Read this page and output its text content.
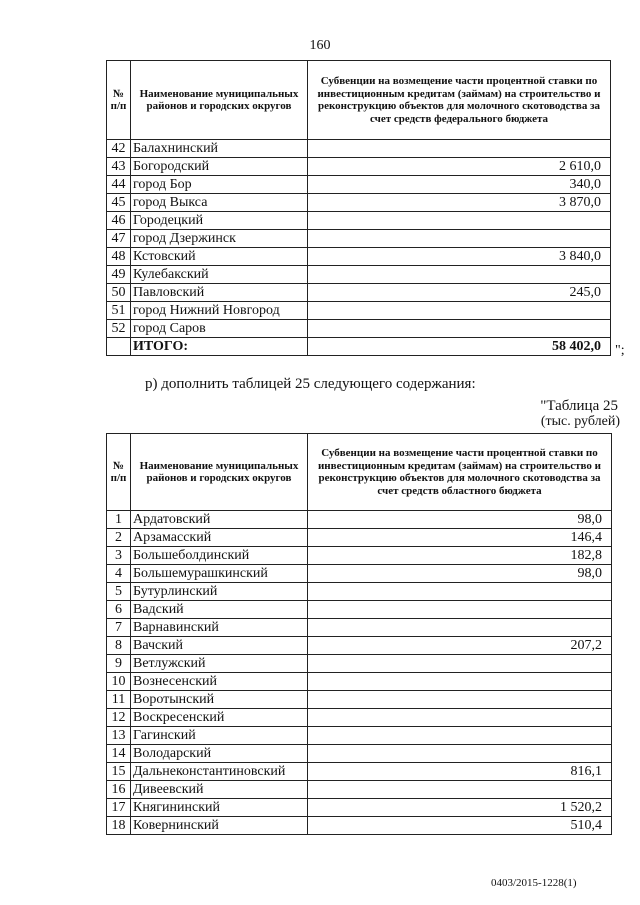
160
№ п/п	Наименование муниципальных районов и городских округов	Субвенции на возмещение части процентной ставки по инвестиционным кредитам (займам) на строительство и реконструкцию объектов для молочного скотоводства за счет средств федерального бюджета
42	Балахнинский	
43	Богородский	2 610,0
44	город Бор	340,0
45	город Выкса	3 870,0
46	Городецкий	
47	город Дзержинск	
48	Кстовский	3 840,0
49	Кулебакский	
50	Павловский	245,0
51	город Нижний Новгород	
52	город Саров	
	ИТОГО:	58 402,0 ";
р) дополнить таблицей 25 следующего содержания:
"Таблица 25
(тыс. рублей)
№ п/п	Наименование муниципальных районов и городских округов	Субвенции на возмещение части процентной ставки по инвестиционным кредитам (займам) на строительство и реконструкцию объектов для молочного скотоводства за счет средств областного бюджета
1	Ардатовский	98,0
2	Арзамасский	146,4
3	Большеболдинский	182,8
4	Большемурашкинский	98,0
5	Бутурлинский	
6	Вадский	
7	Варнавинский	
8	Вачский	207,2
9	Ветлужский	
10	Вознесенский	
11	Воротынский	
12	Воскресенский	
13	Гагинский	
14	Володарский	
15	Дальнеконстантиновский	816,1
16	Дивеевский	
17	Княгининский	1 520,2
18	Ковернинский	510,4
0403/2015-1228(1)
